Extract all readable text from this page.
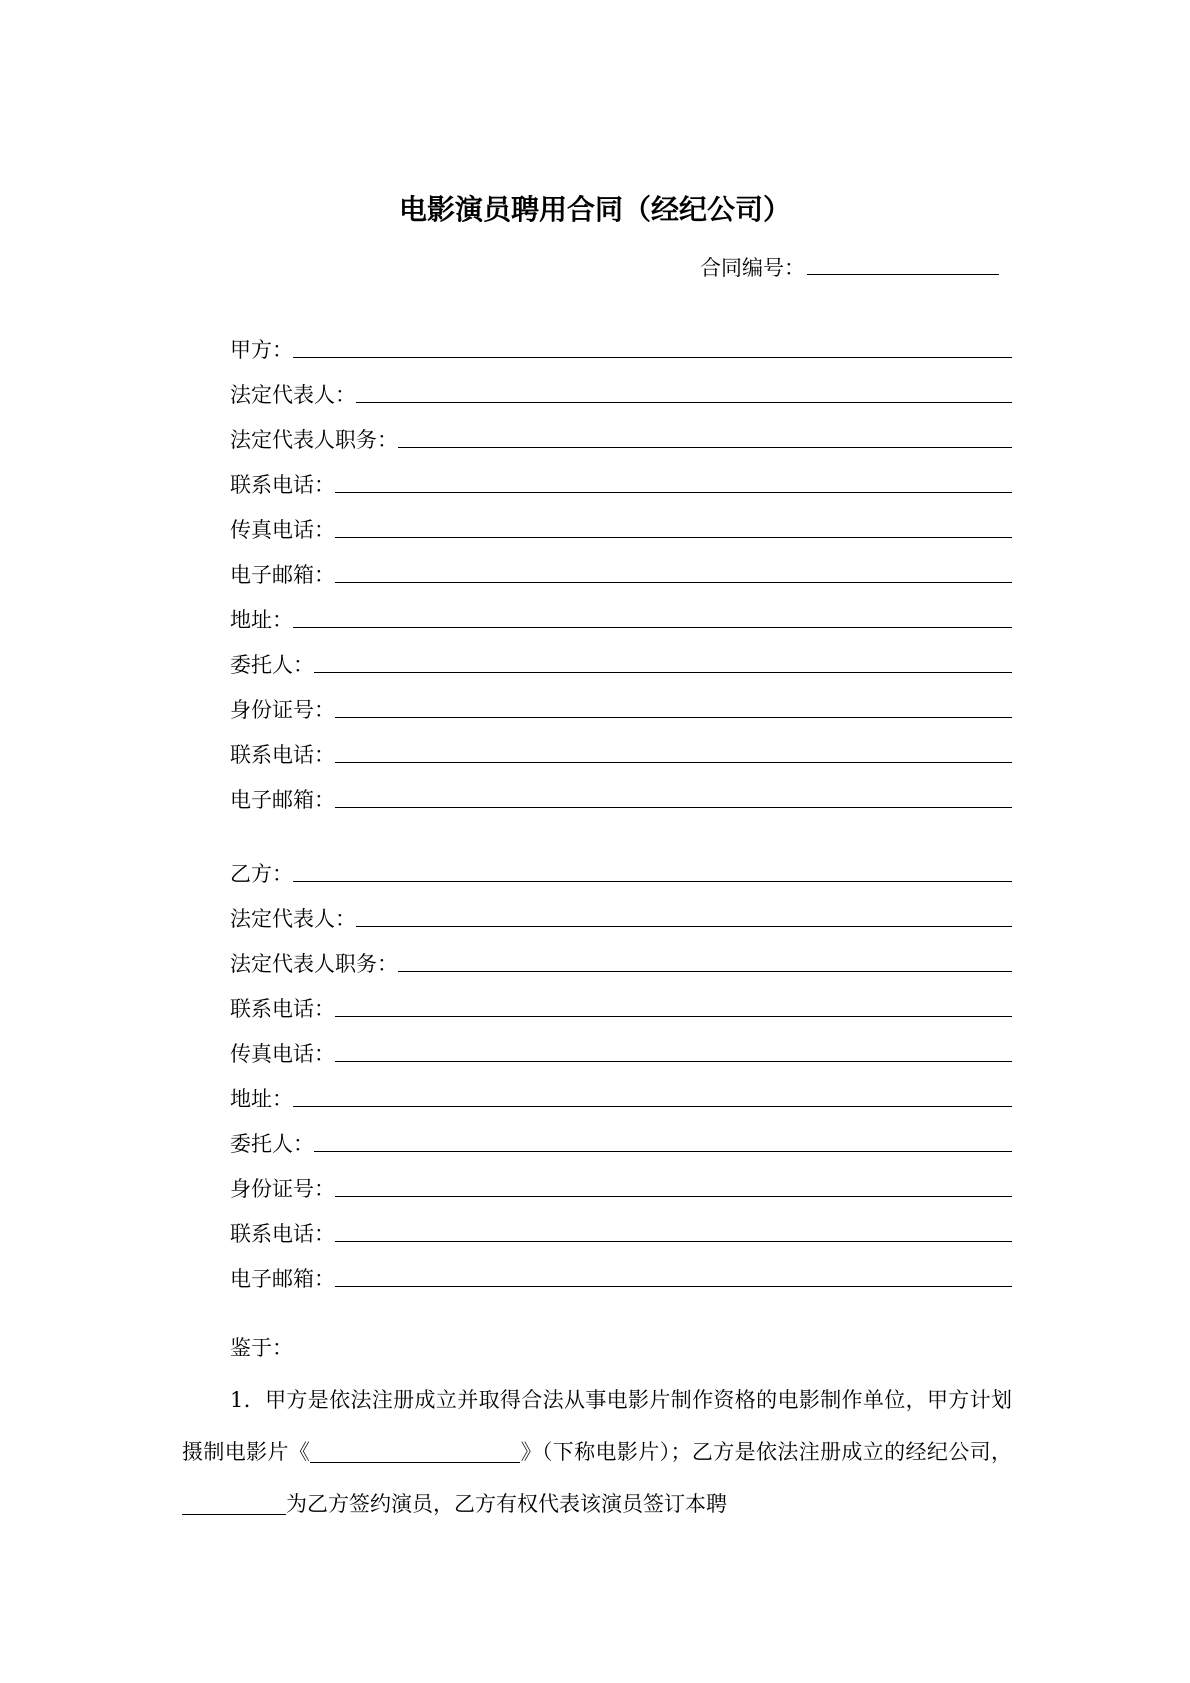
电影演员聘用合同（经纪公司）
合同编号：
甲方：
法定代表人：
法定代表人职务：
联系电话：
传真电话：
电子邮箱：
地址：
委托人：
身份证号：
联系电话：
电子邮箱：
乙方：
法定代表人：
法定代表人职务：
联系电话：
传真电话：
地址：
委托人：
身份证号：
联系电话：
电子邮箱：
鉴于：
1．甲方是依法注册成立并取得合法从事电影片制作资格的电影制作单位，甲方计划摄制电影片《	》（下称电影片）；乙方是依法注册成立的经纪公司，为乙方签约演员，乙方有权代表该演员签订本聘
